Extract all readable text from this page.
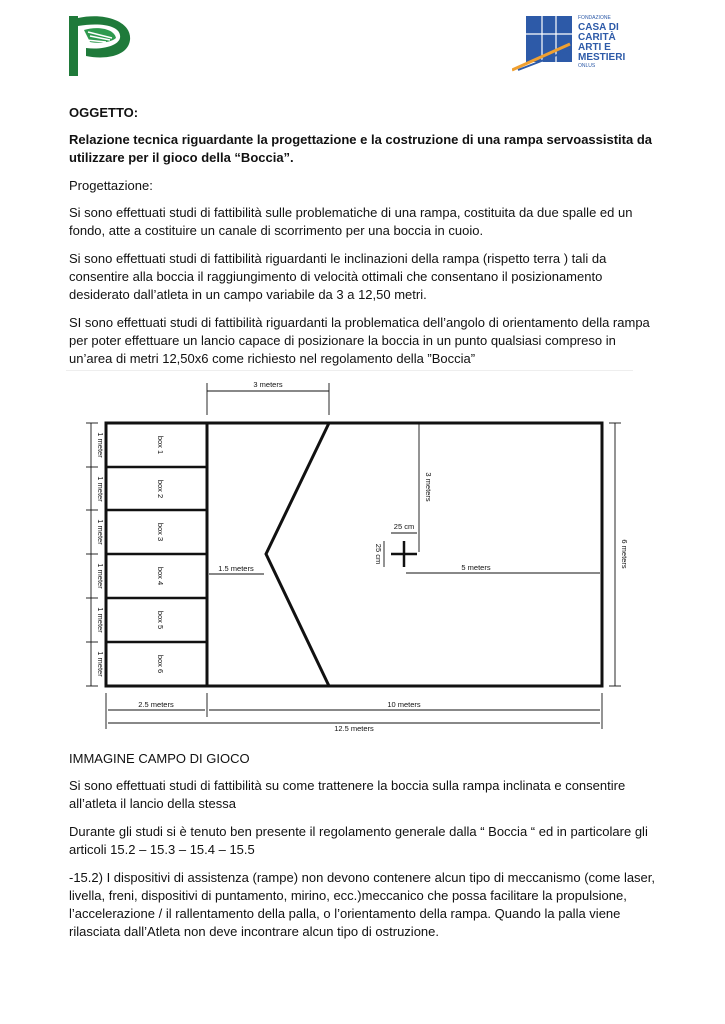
FONDAZIONE
CASA DI
CARITÀ
ARTI E
MESTIERI
ONLUS

OGGETTO:

Relazione tecnica riguardante la progettazione e la costruzione di una rampa servoassistita da utilizzare per il gioco della “Boccia”.

Progettazione:

Si sono effettuati studi di fattibilità sulle problematiche di una rampa, costituita da due spalle ed un fondo, atte a costituire un canale di scorrimento per una boccia in cuoio.

Si sono effettuati studi di fattibilità riguardanti le inclinazioni della rampa (rispetto terra ) tali da consentire alla boccia il raggiungimento di velocità ottimali che consentano il posizionamento desiderato dall’atleta in un campo variabile da 3 a 12,50 metri.

SI sono effettuati studi di fattibilità riguardanti la problematica dell’angolo di orientamento della rampa per poter effettuare un lancio capace di posizionare la boccia in un punto qualsiasi compreso in un’area di metri 12,50x6 come richiesto nel regolamento della ”Boccia”

3 meters
1.5 meters
25 cm
25 cm
3 meters
5 meters	6 meters
2.5 meters	10 meters
12.5 meters
1 meter
1 meter
1 meter
1 meter
1 meter
1 meter
box 1
box 2
box 3
box 4
box 5
box 6

IMMAGINE CAMPO DI GIOCO

Si sono effettuati studi di fattibilità su come trattenere la boccia sulla rampa inclinata e consentire all’atleta il lancio della stessa

Durante gli studi si è tenuto ben presente il regolamento generale dalla “ Boccia “ ed in particolare gli articoli 15.2 – 15.3 – 15.4 – 15.5

-15.2) I dispositivi di assistenza (rampe) non devono contenere alcun tipo di meccanismo (come laser, livella, freni, dispositivi di puntamento, mirino, ecc.)meccanico che possa facilitare la propulsione, l’accelerazione / il rallentamento della palla, o l’orientamento della rampa. Quando la palla viene rilasciata dall’Atleta non deve incontrare alcun tipo di ostruzione.
